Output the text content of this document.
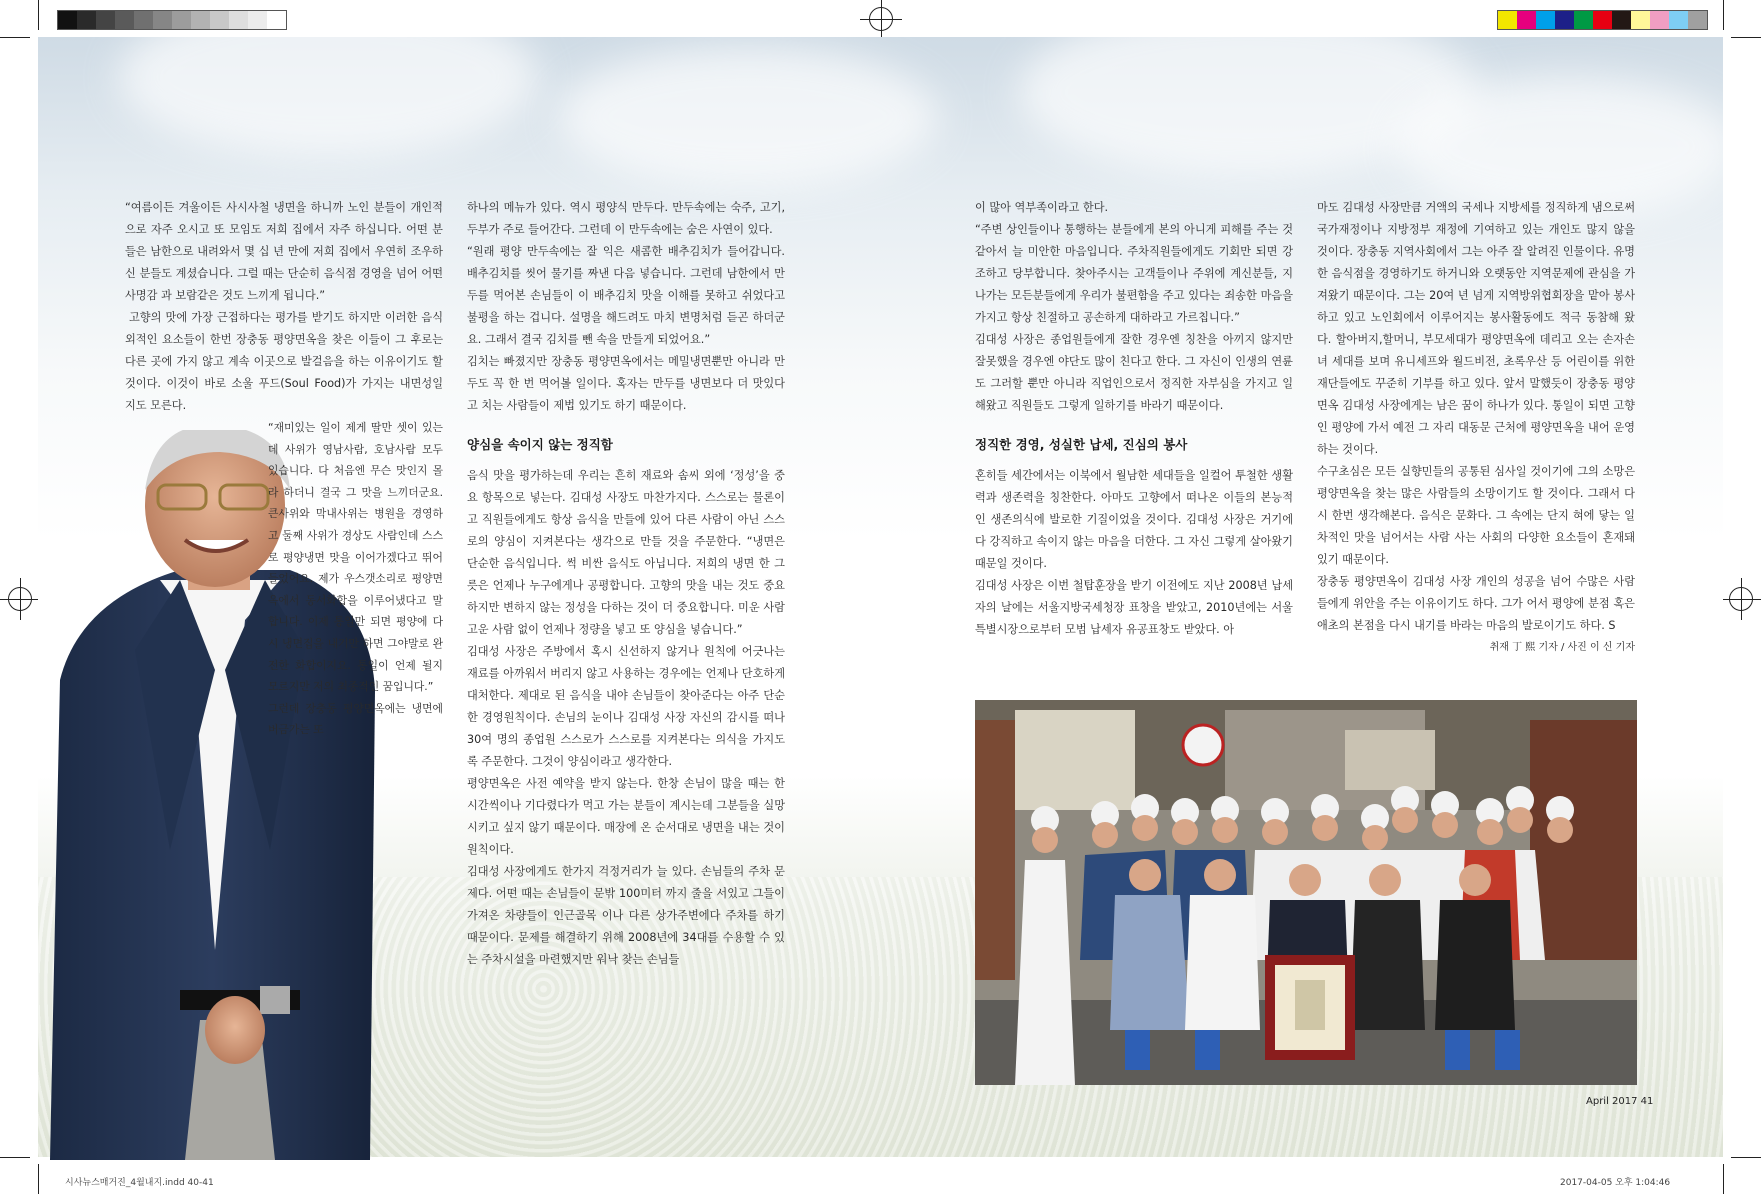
“여름이든 겨울이든 사시사철 냉면을 하니까 노인 분들이 개인적으로 자주 오시고 또 모임도 저희 집에서 자주 하십니다. 어떤 분들은 남한으로 내려와서 몇 십 년 만에 저희 집에서 우연히 조우하신 분들도 계셨습니다. 그럴 때는 단순히 음식점 경영을 넘어 어떤 사명감 과 보람같은 것도 느끼게 됩니다.”

고향의 맛에 가장 근접하다는 평가를 받기도 하지만 이러한 음식 외적인 요소들이 한번 장충동 평양면옥을 찾은 이들이 그 후로는 다른 곳에 가지 않고 계속 이곳으로 발걸음을 하는 이유이기도 할 것이다. 이것이 바로 소울 푸드(Soul Food)가 가지는 내면성일 지도 모른다.

“재미있는 일이 제게 딸만 셋이 있는데 사위가 영남사람, 호남사람 모두 있습니다. 다 처음엔 무슨 맛인지 몰라 하더니 결국 그 맛을 느끼더군요. 큰사위와 막내사위는 병원을 경영하고 둘째 사위가 경상도 사람인데 스스로 평양냉면 맛을 이어가겠다고 뛰어들었어요. 제가 우스갯소리로 평양면옥에서 동서화합을 이루어냈다고 말합니다. 이제 통일만 되면 평양에 다시 냉면집을 내기만 하면 그야말로 완전한 화합이지요. 통일이 언제 될지 모르지만 저의 최종적인 꿈입니다.”

그런데 장충동 평양면옥에는 냉면에 버금가는 또

하나의 메뉴가 있다. 역시 평양식 만두다. 만두속에는 숙주, 고기, 두부가 주로 들어간다. 그런데 이 만두속에는 숨은 사연이 있다.

“원래 평양 만두속에는 잘 익은 새콤한 배추김치가 들어갑니다. 배추김치를 씻어 물기를 짜낸 다음 넣습니다. 그런데 남한에서 만두를 먹어본 손님들이 이 배추김치 맛을 이해를 못하고 쉬었다고 불평을 하는 겁니다. 설명을 해드려도 마치 변명처럼 듣곤 하더군요. 그래서 결국 김치를 뺀 속을 만들게 되었어요.”

김치는 빠졌지만 장충동 평양면옥에서는 메밀냉면뿐만 아니라 만두도 꼭 한 번 먹어볼 일이다. 혹자는 만두를 냉면보다 더 맛있다고 치는 사람들이 제법 있기도 하기 때문이다.

양심을 속이지 않는 정직함

음식 맛을 평가하는데 우리는 흔히 재료와 솜씨 외에 ‘정성’을 중요 항목으로 넣는다. 김대성 사장도 마찬가지다. 스스로는 물론이고 직원들에게도 항상 음식을 만들에 있어 다른 사람이 아닌 스스로의 양심이 지켜본다는 생각으로 만들 것을 주문한다. “냉면은 단순한 음식입니다. 썩 비싼 음식도 아닙니다. 저희의 냉면 한 그릇은 언제나 누구에게나 공평합니다. 고향의 맛을 내는 것도 중요하지만 변하지 않는 정성을 다하는 것이 더 중요합니다. 미운 사람 고운 사람 없이 언제나 정량을 넣고 또 양심을 넣습니다.”

김대성 사장은 주방에서 혹시 신선하지 않거나 원칙에 어긋나는 재료를 아까워서 버리지 않고 사용하는 경우에는 언제나 단호하게 대처한다. 제대로 된 음식을 내야 손님들이 찾아준다는 아주 단순한 경영원칙이다. 손님의 눈이나 김대성 사장 자신의 감시를 떠나 30여 명의 종업원 스스로가 스스로를 지켜본다는 의식을 가지도록 주문한다. 그것이 양심이라고 생각한다.

평양면옥은 사전 예약을 받지 않는다. 한창 손님이 많을 때는 한 시간씩이나 기다렸다가 먹고 가는 분들이 계시는데 그분들을 실망시키고 싶지 않기 때문이다. 매장에 온 순서대로 냉면을 내는 것이 원칙이다.

김대성 사장에게도 한가지 걱정거리가 늘 있다. 손님들의 주차 문제다. 어떤 때는 손님들이 문밖 100미터 까지 줄을 서있고 그들이 가져온 차량들이 인근골목 이나 다른 상가주변에다 주차를 하기 때문이다. 문제를 해결하기 위해 2008년에 34대를 수용할 수 있는 주차시설을 마련했지만 워낙 찾는 손님들

이 많아 역부족이라고 한다.

“주변 상인들이나 통행하는 분들에게 본의 아니게 피해를 주는 것 같아서 늘 미안한 마음입니다. 주차직원들에게도 기회만 되면 강조하고 당부합니다. 찾아주시는 고객들이나 주위에 계신분들, 지나가는 모든분들에게 우리가 불편함을 주고 있다는 죄송한 마음을 가지고 항상 친절하고 공손하게 대하라고 가르칩니다.”

김대성 사장은 종업원들에게 잘한 경우엔 칭찬을 아끼지 않지만 잘못했을 경우엔 야단도 많이 친다고 한다. 그 자신이 인생의 연륜도 그러할 뿐만 아니라 직업인으로서 정직한 자부심을 가지고 일해왔고 직원들도 그렇게 일하기를 바라기 때문이다.

정직한 경영, 성실한 납세, 진심의 봉사

혼히들 세간에서는 이북에서 월남한 세대들을 일컬어 투철한 생활력과 생존력을 칭찬한다. 아마도 고향에서 떠나온 이들의 본능적인 생존의식에 발로한 기질이었을 것이다. 김대성 사장은 거기에다 강직하고 속이지 않는 마음을 더한다. 그 자신 그렇게 살아왔기 때문일 것이다.

김대성 사장은 이번 철탑훈장을 받기 이전에도 지난 2008년 납세자의 날에는 서울지방국세청장 표창을 받았고, 2010년에는 서울특별시장으로부터 모범 납세자 유공표창도 받았다. 아

마도 김대성 사장만큼 거액의 국세나 지방세를 정직하게 냄으로써 국가재정이나 지방정부 재정에 기여하고 있는 개인도 많지 않을 것이다. 장충동 지역사회에서 그는 아주 잘 알려진 인물이다. 유명한 음식점을 경영하기도 하거니와 오랫동안 지역문제에 관심을 가져왔기 때문이다. 그는 20여 년 넘게 지역방위협회장을 맡아 봉사하고 있고 노인회에서 이루어지는 봉사활동에도 적극 동참해 왔다. 할아버지,할머니, 부모세대가 평양면옥에 데리고 오는 손자손녀 세대를 보며 유니세프와 월드비전, 초록우산 등 어린이를 위한 재단들에도 꾸준히 기부를 하고 있다. 앞서 말했듯이 장충동 평양면옥 김대성 사장에게는 남은 꿈이 하나가 있다. 통일이 되면 고향인 평양에 가서 예전 그 자리 대동문 근처에 평양면옥을 내어 운영하는 것이다.

수구초심은 모든 실향민들의 공통된 심사일 것이기에 그의 소망은 평양면옥을 찾는 많은 사람들의 소망이기도 할 것이다. 그래서 다시 한번 생각해본다. 음식은 문화다. 그 속에는 단지 혀에 닿는 일차적인 맛을 넘어서는 사람 사는 사회의 다양한 요소들이 혼재돼 있기 때문이다.

장충동 평양면옥이 김대성 사장 개인의 성공을 넘어 수많은 사람들에게 위안을 주는 이유이기도 하다. 그가 어서 평양에 분점 혹은 애초의 본점을 다시 내기를 바라는 마음의 발로이기도 하다. S

취재 丁 熙 기자 / 사진 이 신 기자

April 2017 41
시사뉴스매거진_4월내지.indd 40-41	2017-04-05 오후 1:04:46
